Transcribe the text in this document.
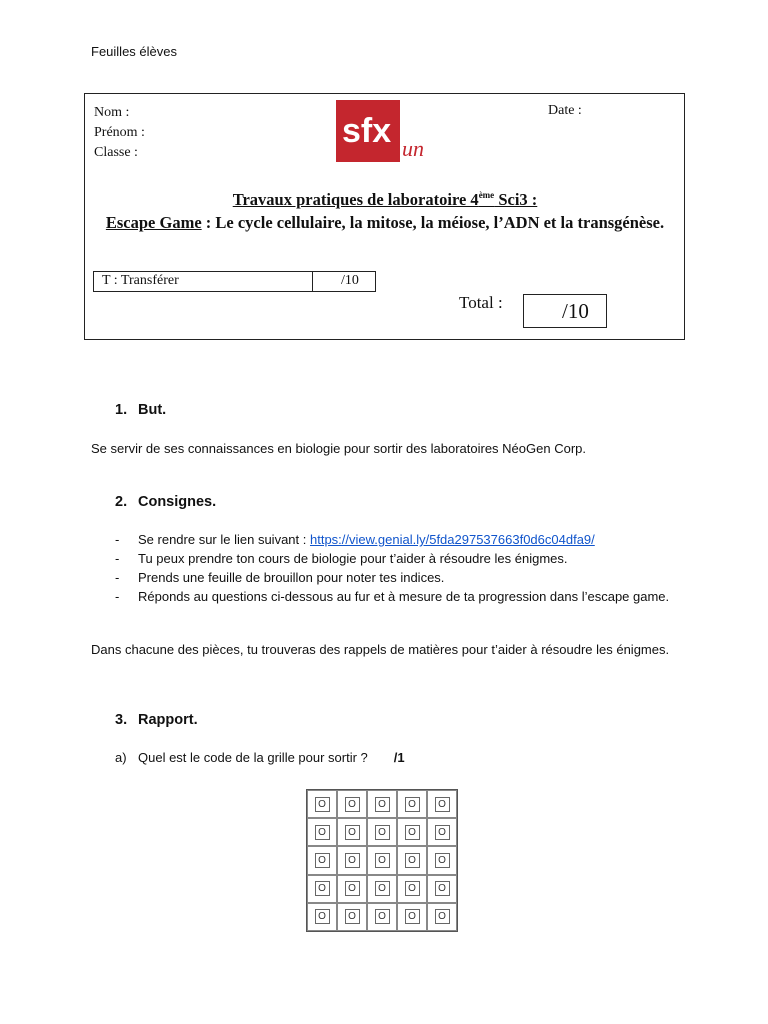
Feuilles élèves
Nom :
Prénom :
Classe :
Date :
sfx un
Travaux pratiques de laboratoire 4ème Sci3 :
Escape Game : Le cycle cellulaire, la mitose, la méiose, l’ADN et la transgénèse.
T : Transférer	/10
Total :	/10
1. But.
Se servir de ses connaissances en biologie pour sortir des laboratoires NéoGen Corp.
2. Consignes.
- Se rendre sur le lien suivant : https://view.genial.ly/5fda297537663f0d6c04dfa9/
- Tu peux prendre ton cours de biologie pour t’aider à résoudre les énigmes.
- Prends une feuille de brouillon pour noter tes indices.
- Réponds au questions ci-dessous au fur et à mesure de ta progression dans l’escape game.
Dans chacune des pièces, tu trouveras des rappels de matières pour t’aider à résoudre les énigmes.
3. Rapport.
a) Quel est le code de la grille pour sortir ? /1
O	O	O	O	O
O	O	O	O	O
O	O	O	O	O
O	O	O	O	O
O	O	O	O	O
